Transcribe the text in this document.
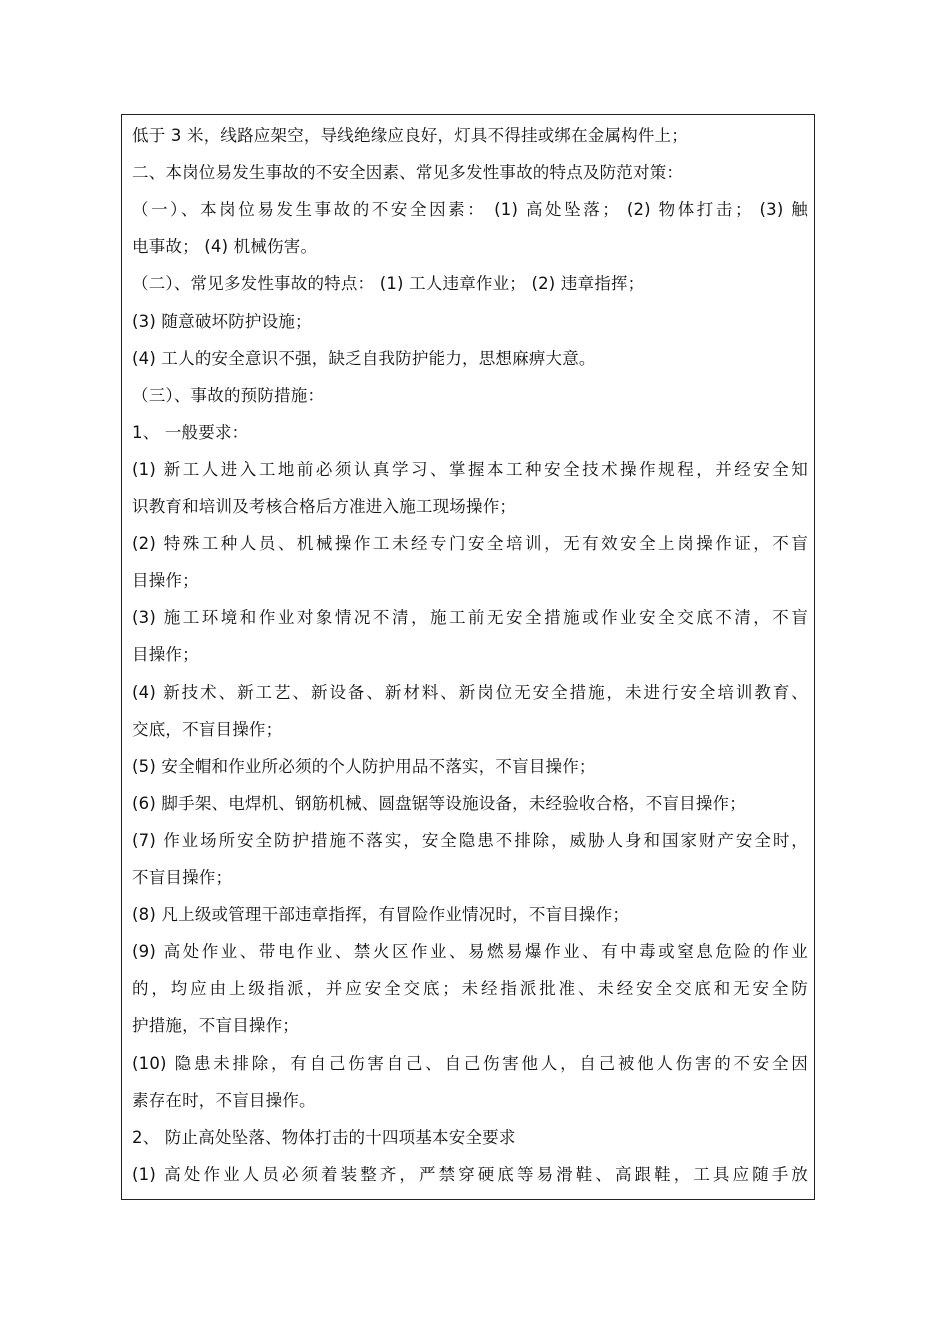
低于 3 米，线路应架空，导线绝缘应良好，灯具不得挂或绑在金属构件上；
二、本岗位易发生事故的不安全因素、常见多发性事故的特点及防范对策：
（一）、本岗位易发生事故的不安全因素： (1) 高处坠落； (2) 物体打击； (3) 触
电事故； (4) 机械伤害。
（二）、常见多发性事故的特点： (1) 工人违章作业； (2) 违章指挥；
(3) 随意破坏防护设施；
(4) 工人的安全意识不强，缺乏自我防护能力，思想麻痹大意。
（三）、事故的预防措施：
1、 一般要求：
(1) 新工人进入工地前必须认真学习、掌握本工种安全技术操作规程，并经安全知
识教育和培训及考核合格后方准进入施工现场操作；
(2) 特殊工种人员、机械操作工未经专门安全培训，无有效安全上岗操作证，不盲
目操作；
(3) 施工环境和作业对象情况不清，施工前无安全措施或作业安全交底不清，不盲
目操作；
(4) 新技术、新工艺、新设备、新材料、新岗位无安全措施，未进行安全培训教育、
交底，不盲目操作；
(5) 安全帽和作业所必须的个人防护用品不落实，不盲目操作；
(6) 脚手架、电焊机、钢筋机械、圆盘锯等设施设备，未经验收合格，不盲目操作；
(7) 作业场所安全防护措施不落实，安全隐患不排除，威胁人身和国家财产安全时，
不盲目操作；
(8) 凡上级或管理干部违章指挥，有冒险作业情况时，不盲目操作；
(9) 高处作业、带电作业、禁火区作业、易燃易爆作业、有中毒或窒息危险的作业
的，均应由上级指派，并应安全交底；未经指派批准、未经安全交底和无安全防
护措施，不盲目操作；
(10) 隐患未排除，有自己伤害自己、自己伤害他人，自己被他人伤害的不安全因
素存在时，不盲目操作。
2、 防止高处坠落、物体打击的十四项基本安全要求
(1) 高处作业人员必须着装整齐，严禁穿硬底等易滑鞋、高跟鞋，工具应随手放
